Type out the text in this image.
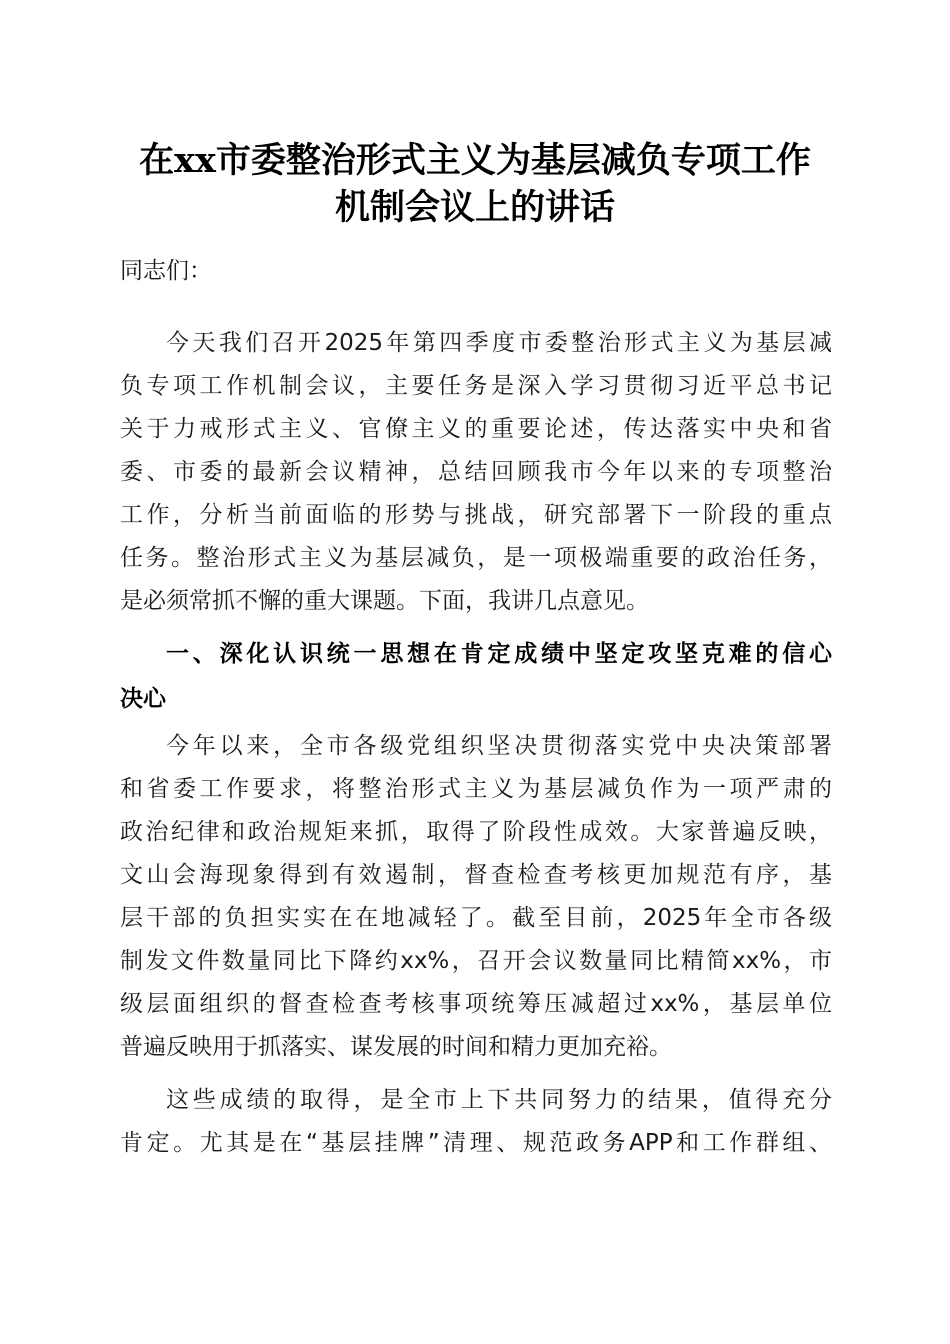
在xx市委整治形式主义为基层减负专项工作
机制会议上的讲话
同志们：
今天我们召开2025年第四季度市委整治形式主义为基层减
负专项工作机制会议，主要任务是深入学习贯彻习近平总书记
关于力戒形式主义、官僚主义的重要论述，传达落实中央和省
委、市委的最新会议精神，总结回顾我市今年以来的专项整治
工作，分析当前面临的形势与挑战，研究部署下一阶段的重点
任务。整治形式主义为基层减负，是一项极端重要的政治任务，
是必须常抓不懈的重大课题。下面，我讲几点意见。
一、深化认识统一思想在肯定成绩中坚定攻坚克难的信心
决心
今年以来，全市各级党组织坚决贯彻落实党中央决策部署
和省委工作要求，将整治形式主义为基层减负作为一项严肃的
政治纪律和政治规矩来抓，取得了阶段性成效。大家普遍反映，
文山会海现象得到有效遏制，督查检查考核更加规范有序，基
层干部的负担实实在在地减轻了。截至目前，2025年全市各级
制发文件数量同比下降约xx%，召开会议数量同比精简xx%，市
级层面组织的督查检查考核事项统筹压减超过xx%，基层单位
普遍反映用于抓落实、谋发展的时间和精力更加充裕。
这些成绩的取得，是全市上下共同努力的结果，值得充分
肯定。尤其是在“基层挂牌”清理、规范政务APP和工作群组、
